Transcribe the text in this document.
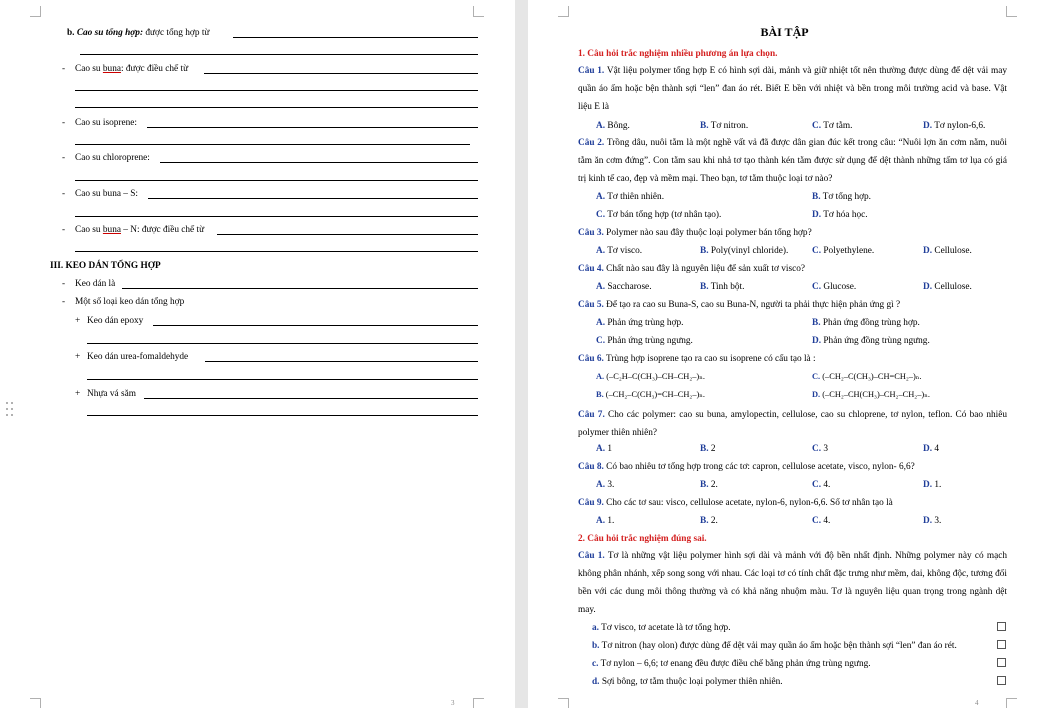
b. Cao su tổng hợp: được tổng hợp từ
- Cao su buna: được điều chế từ
- Cao su isoprene:
- Cao su chloroprene:
- Cao su buna – S:
- Cao su buna – N: được điều chế từ
III. KEO DÁN TỔNG HỢP
- Keo dán là
- Một số loại keo dán tổng hợp
+ Keo dán epoxy
+ Keo dán urea-fomaldehyde
+ Nhựa vá săm
3
BÀI TẬP
1. Câu hỏi trắc nghiệm nhiều phương án lựa chọn.
Câu 1. Vật liệu polymer tổng hợp E có hình sợi dài, mảnh và giữ nhiệt tốt nên thường được dùng để dệt vải may quần áo ấm hoặc bện thành sợi “len” đan áo rét. Biết E bền với nhiệt và bền trong môi trường acid và base. Vật liệu E là
A. Bông.	B. Tơ nitron.	C. Tơ tằm.	D. Tơ nylon-6,6.
Câu 2. Trồng dâu, nuôi tằm là một nghề vất vả đã được dân gian đúc kết trong câu: “Nuôi lợn ăn cơm nằm, nuôi tằm ăn cơm đứng”. Con tằm sau khi nhả tơ tạo thành kén tằm được sử dụng để dệt thành những tấm tơ lụa có giá trị kinh tế cao, đẹp và mềm mại. Theo bạn, tơ tằm thuộc loại tơ nào?
A. Tơ thiên nhiên.	B. Tơ tổng hợp.
C. Tơ bán tổng hợp (tơ nhân tạo).	D. Tơ hóa học.
Câu 3. Polymer nào sau đây thuộc loại polymer bán tổng hợp?
A. Tơ visco.	B. Poly(vinyl chloride).	C. Polyethylene.	D. Cellulose.
Câu 4. Chất nào sau đây là nguyên liệu để sản xuất tơ visco?
A. Saccharose.	B. Tinh bột.	C. Glucose.	D. Cellulose.
Câu 5. Để tạo ra cao su Buna-S, cao su Buna-N, người ta phải thực hiện phản ứng gì ?
A. Phản ứng trùng hợp.	B. Phản ứng đồng trùng hợp.
C. Phản ứng trùng ngưng.	D. Phản ứng đồng trùng ngưng.
Câu 6. Trùng hợp isoprene tạo ra cao su isoprene có cấu tạo là :
A. (–C₂H–C(CH₃)–CH–CH₂–)ₙ.	C. (–CH₂–C(CH₃)–CH=CH₂–)ₙ.
B. (–CH₂–C(CH₃)=CH–CH₂–)ₙ.	D. (–CH₂–CH(CH₃)–CH₂–CH₂–)ₙ.
Câu 7. Cho các polymer: cao su buna, amylopectin, cellulose, cao su chloprene, tơ nylon, teflon. Có bao nhiêu polymer thiên nhiên?
A. 1	B. 2	C. 3	D. 4
Câu 8. Có bao nhiêu tơ tổng hợp trong các tơ: capron, cellulose acetate, visco, nylon- 6,6?
A. 3.	B. 2.	C. 4.	D. 1.
Câu 9. Cho các tơ sau: visco, cellulose acetate, nylon-6, nylon-6,6. Số tơ nhân tạo là
A. 1.	B. 2.	C. 4.	D. 3.
2. Câu hỏi trắc nghiệm đúng sai.
Câu 1. Tơ là những vật liệu polymer hình sợi dài và mảnh với độ bền nhất định. Những polymer này có mạch không phân nhánh, xếp song song với nhau. Các loại tơ có tính chất đặc trưng như mềm, dai, không độc, tương đối bền với các dung môi thông thường và có khả năng nhuộm màu. Tơ là nguyên liệu quan trọng trong ngành dệt may.
a. Tơ visco, tơ acetate là tơ tổng hợp.
b. Tơ nitron (hay olon) được dùng để dệt vải may quần áo ấm hoặc bện thành sợi “len” đan áo rét.
c. Tơ nylon – 6,6; tơ enang đều được điều chế bằng phản ứng trùng ngưng.
d. Sợi bông, tơ tằm thuộc loại polymer thiên nhiên.
4
